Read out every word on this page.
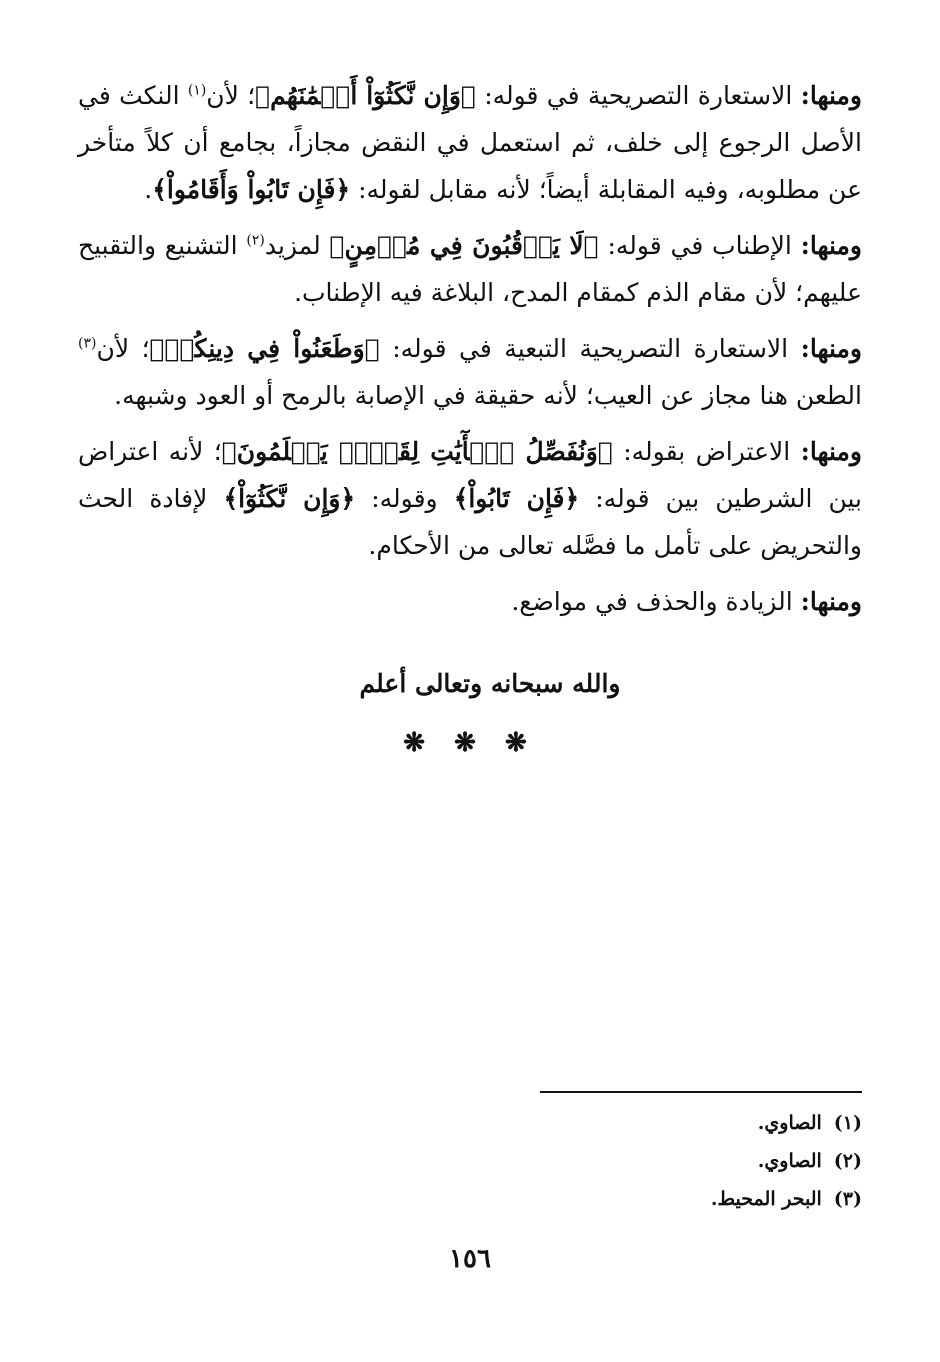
ومنها: الاستعارة التصريحية في قوله: ﴿وَإِن نَّكَثُوٓاْ أَيۡمَٰنَهُم﴾؛ لأن$^{(١)}$ النكث في الأصل الرجوع إلى خلف، ثم استعمل في النقض مجازاً، بجامع أن كلاً متأخر عن مطلوبه، وفيه المقابلة أيضاً؛ لأنه مقابل لقوله: ﴿فَإِن تَابُواْ وَأَقَامُواْ﴾.

ومنها: الإطناب في قوله: ﴿لَا يَرۡقُبُونَ فِي مُؤۡمِنٍ﴾ لمزيد$^{(٢)}$ التشنيع والتقبيح عليهم؛ لأن مقام الذم كمقام المدح، البلاغة فيه الإطناب.

ومنها: الاستعارة التصريحية التبعية في قوله: ﴿وَطَعَنُواْ فِي دِينِكُمۡ﴾؛ لأن$^{(٣)}$ الطعن هنا مجاز عن العيب؛ لأنه حقيقة في الإصابة بالرمح أو العود وشبهه.

ومنها: الاعتراض بقوله: ﴿وَنُفَصِّلُ ٱلۡأٓيَٰتِ لِقَوۡمٖ يَعۡلَمُونَ﴾؛ لأنه اعتراض بين الشرطين بين قوله: ﴿فَإِن تَابُواْ﴾ وقوله: ﴿وَإِن نَّكَثُوٓاْ﴾ لإفادة الحث والتحريض على تأمل ما فصَّله تعالى من الأحكام.

ومنها: الزيادة والحذف في مواضع.

والله سبحانه وتعالى أعلم
❋ ❋ ❋
(١)الصاوي.
(٢)الصاوي.
(٣)البحر المحيط.
١٥٦
